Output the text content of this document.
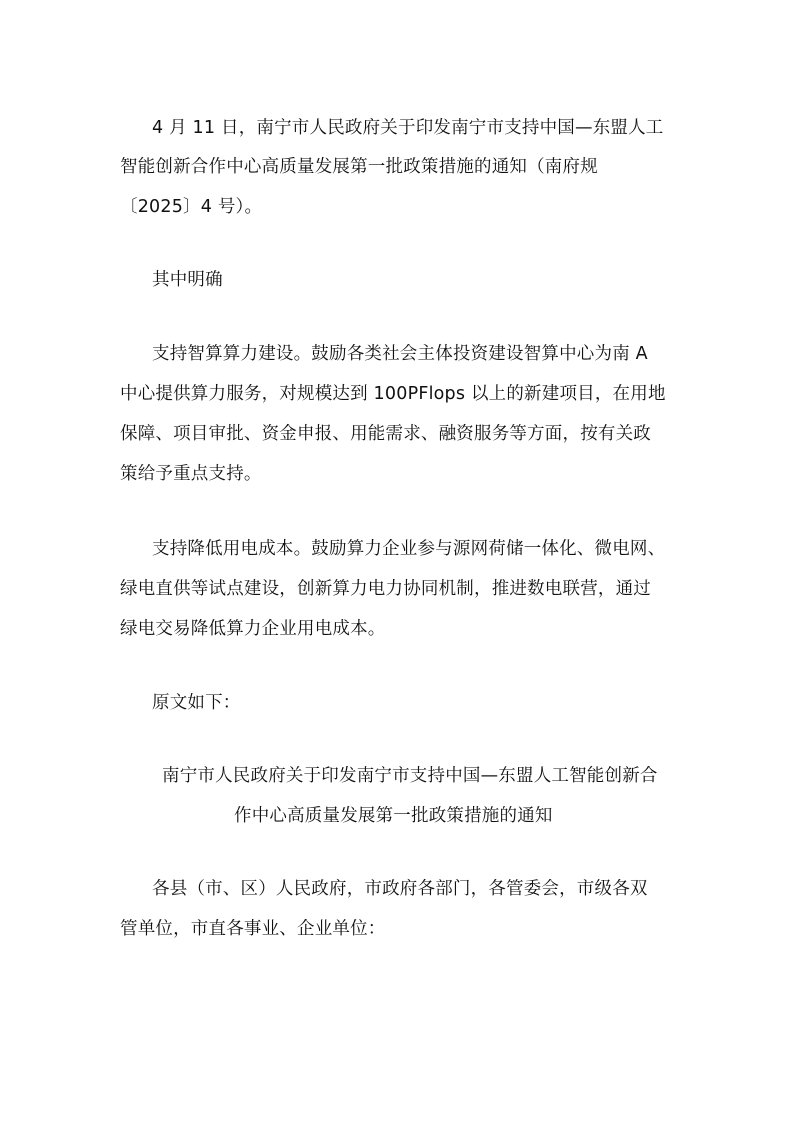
4 月 11 日，南宁市人民政府关于印发南宁市支持中国—东盟人工
智能创新合作中心高质量发展第一批政策措施的通知（南府规
〔2025〕4 号）。
其中明确
支持智算算力建设。鼓励各类社会主体投资建设智算中心为南 A
中心提供算力服务，对规模达到 100PFlops 以上的新建项目，在用地
保障、项目审批、资金申报、用能需求、融资服务等方面，按有关政
策给予重点支持。
支持降低用电成本。鼓励算力企业参与源网荷储一体化、微电网、
绿电直供等试点建设，创新算力电力协同机制，推进数电联营，通过
绿电交易降低算力企业用电成本。
原文如下：
南宁市人民政府关于印发南宁市支持中国—东盟人工智能创新合
作中心高质量发展第一批政策措施的通知
各县（市、区）人民政府，市政府各部门，各管委会，市级各双
管单位，市直各事业、企业单位：
